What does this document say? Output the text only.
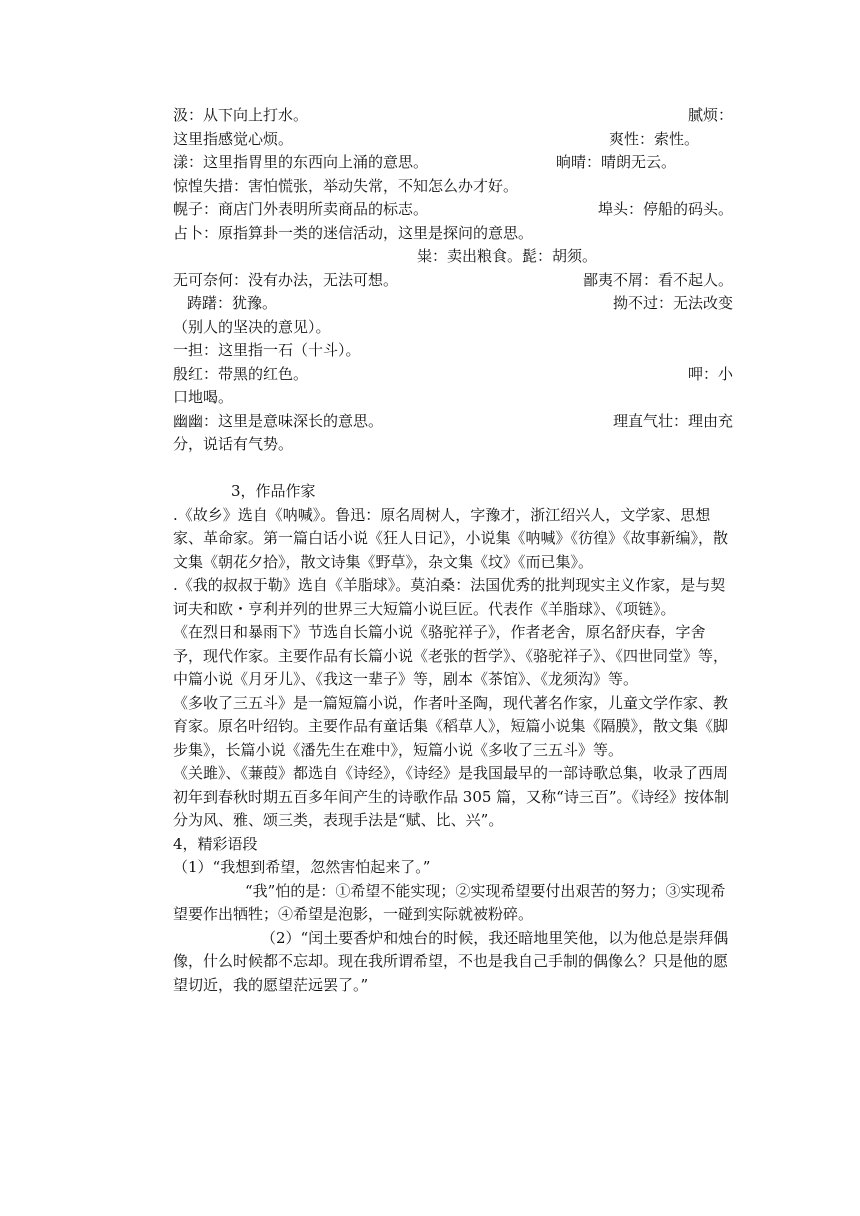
汲：从下向上打水。	腻烦：
这里指感觉心烦。	爽性：索性。
漾：这里指胃里的东西向上涌的意思。	晌晴：晴朗无云。
惊惶失措：害怕慌张，举动失常，不知怎么办才好。
幌子：商店门外表明所卖商品的标志。	埠头：停船的码头。
占卜：原指算卦一类的迷信活动，这里是探问的意思。
粜：卖出粮食。髭：胡须。
无可奈何：没有办法，无法可想。	鄙夷不屑：看不起人。
踌躇：犹豫。	拗不过：无法改变
（别人的坚决的意见）。
一担：这里指一石（十斗）。
殷红：带黑的红色。	呷：小
口地喝。
幽幽：这里是意味深长的意思。	理直气壮：理由充
分，说话有气势。
3，作品作家
.《故乡》选自《呐喊》。鲁迅：原名周树人，字豫才，浙江绍兴人，文学家、思想家、革命家。第一篇白话小说《狂人日记》，小说集《呐喊》《彷徨》《故事新编》，散文集《朝花夕拾》，散文诗集《野草》，杂文集《坟》《而已集》。
.《我的叔叔于勒》选自《羊脂球》。莫泊桑：法国优秀的批判现实主义作家，是与契诃夫和欧・亨利并列的世界三大短篇小说巨匠。代表作《羊脂球》、《项链》。
《在烈日和暴雨下》节选自长篇小说《骆驼祥子》，作者老舍，原名舒庆春，字舍予，现代作家。主要作品有长篇小说《老张的哲学》、《骆驼祥子》、《四世同堂》等，中篇小说《月牙儿》、《我这一辈子》等，剧本《茶馆》、《龙须沟》等。
《多收了三五斗》是一篇短篇小说，作者叶圣陶，现代著名作家，儿童文学作家、教育家。原名叶绍钧。主要作品有童话集《稻草人》，短篇小说集《隔膜》，散文集《脚步集》，长篇小说《潘先生在难中》，短篇小说《多收了三五斗》等。
《关雎》、《蒹葭》都选自《诗经》，《诗经》是我国最早的一部诗歌总集，收录了西周初年到春秋时期五百多年间产生的诗歌作品 305 篇，又称“诗三百”。《诗经》按体制分为风、雅、颂三类，表现手法是“赋、比、兴”。
4，精彩语段
（1）“我想到希望，忽然害怕起来了。”
“我”怕的是：①希望不能实现；②实现希望要付出艰苦的努力；③实现希望要作出牺牲；④希望是泡影，一碰到实际就被粉碎。
（2）“闰土要香炉和烛台的时候，我还暗地里笑他，以为他总是崇拜偶像，什么时候都不忘却。现在我所谓希望，不也是我自己手制的偶像么？只是他的愿望切近，我的愿望茫远罢了。”
